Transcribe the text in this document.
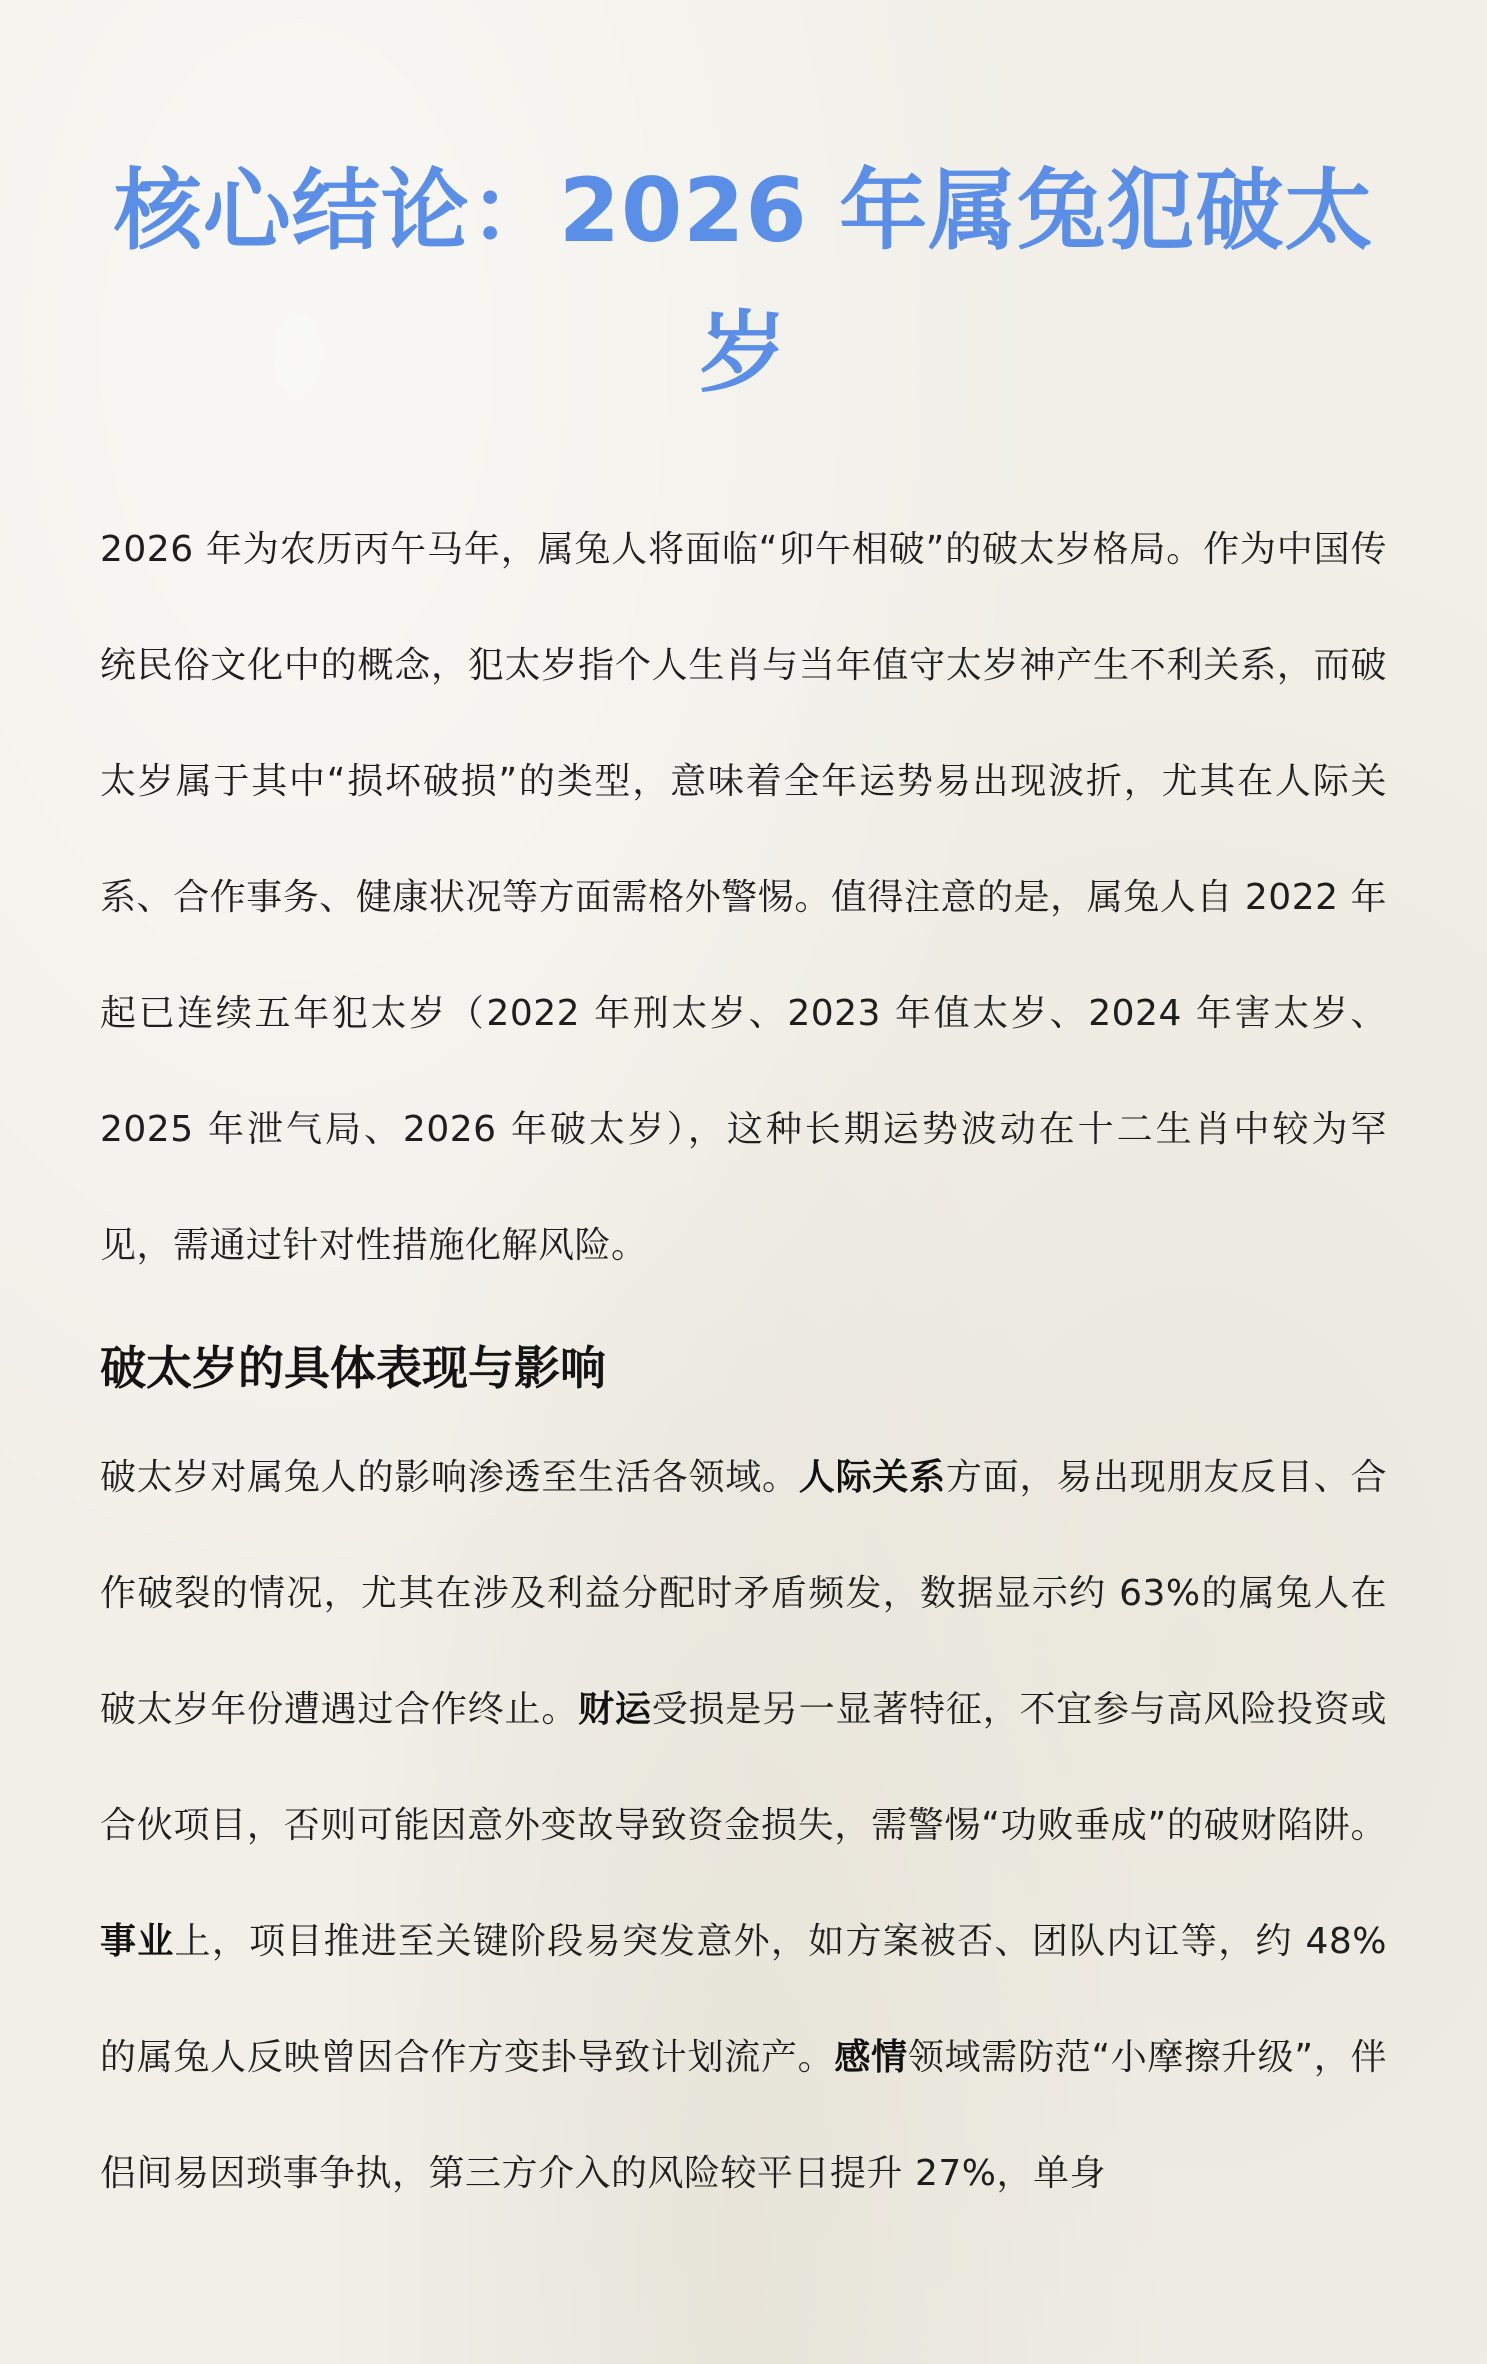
核心结论：2026 年属兔犯破太岁

2026 年为农历丙午马年，属兔人将面临“卯午相破”的破太岁格局。作为中国传统民俗文化中的概念，犯太岁指个人生肖与当年值守太岁神产生不利关系，而破太岁属于其中“损坏破损”的类型，意味着全年运势易出现波折，尤其在人际关系、合作事务、健康状况等方面需格外警惕。值得注意的是，属兔人自 2022 年起已连续五年犯太岁（2022 年刑太岁、2023 年值太岁、2024 年害太岁、2025 年泄气局、2026 年破太岁），这种长期运势波动在十二生肖中较为罕见，需通过针对性措施化解风险。

破太岁的具体表现与影响

破太岁对属兔人的影响渗透至生活各领域。人际关系方面，易出现朋友反目、合作破裂的情况，尤其在涉及利益分配时矛盾频发，数据显示约 63%的属兔人在破太岁年份遭遇过合作终止。财运受损是另一显著特征，不宜参与高风险投资或合伙项目，否则可能因意外变故导致资金损失，需警惕“功败垂成”的破财陷阱。事业上，项目推进至关键阶段易突发意外，如方案被否、团队内讧等，约 48%的属兔人反映曾因合作方变卦导致计划流产。感情领域需防范“小摩擦升级”，伴侣间易因琐事争执，第三方介入的风险较平日提升 27%，单身
